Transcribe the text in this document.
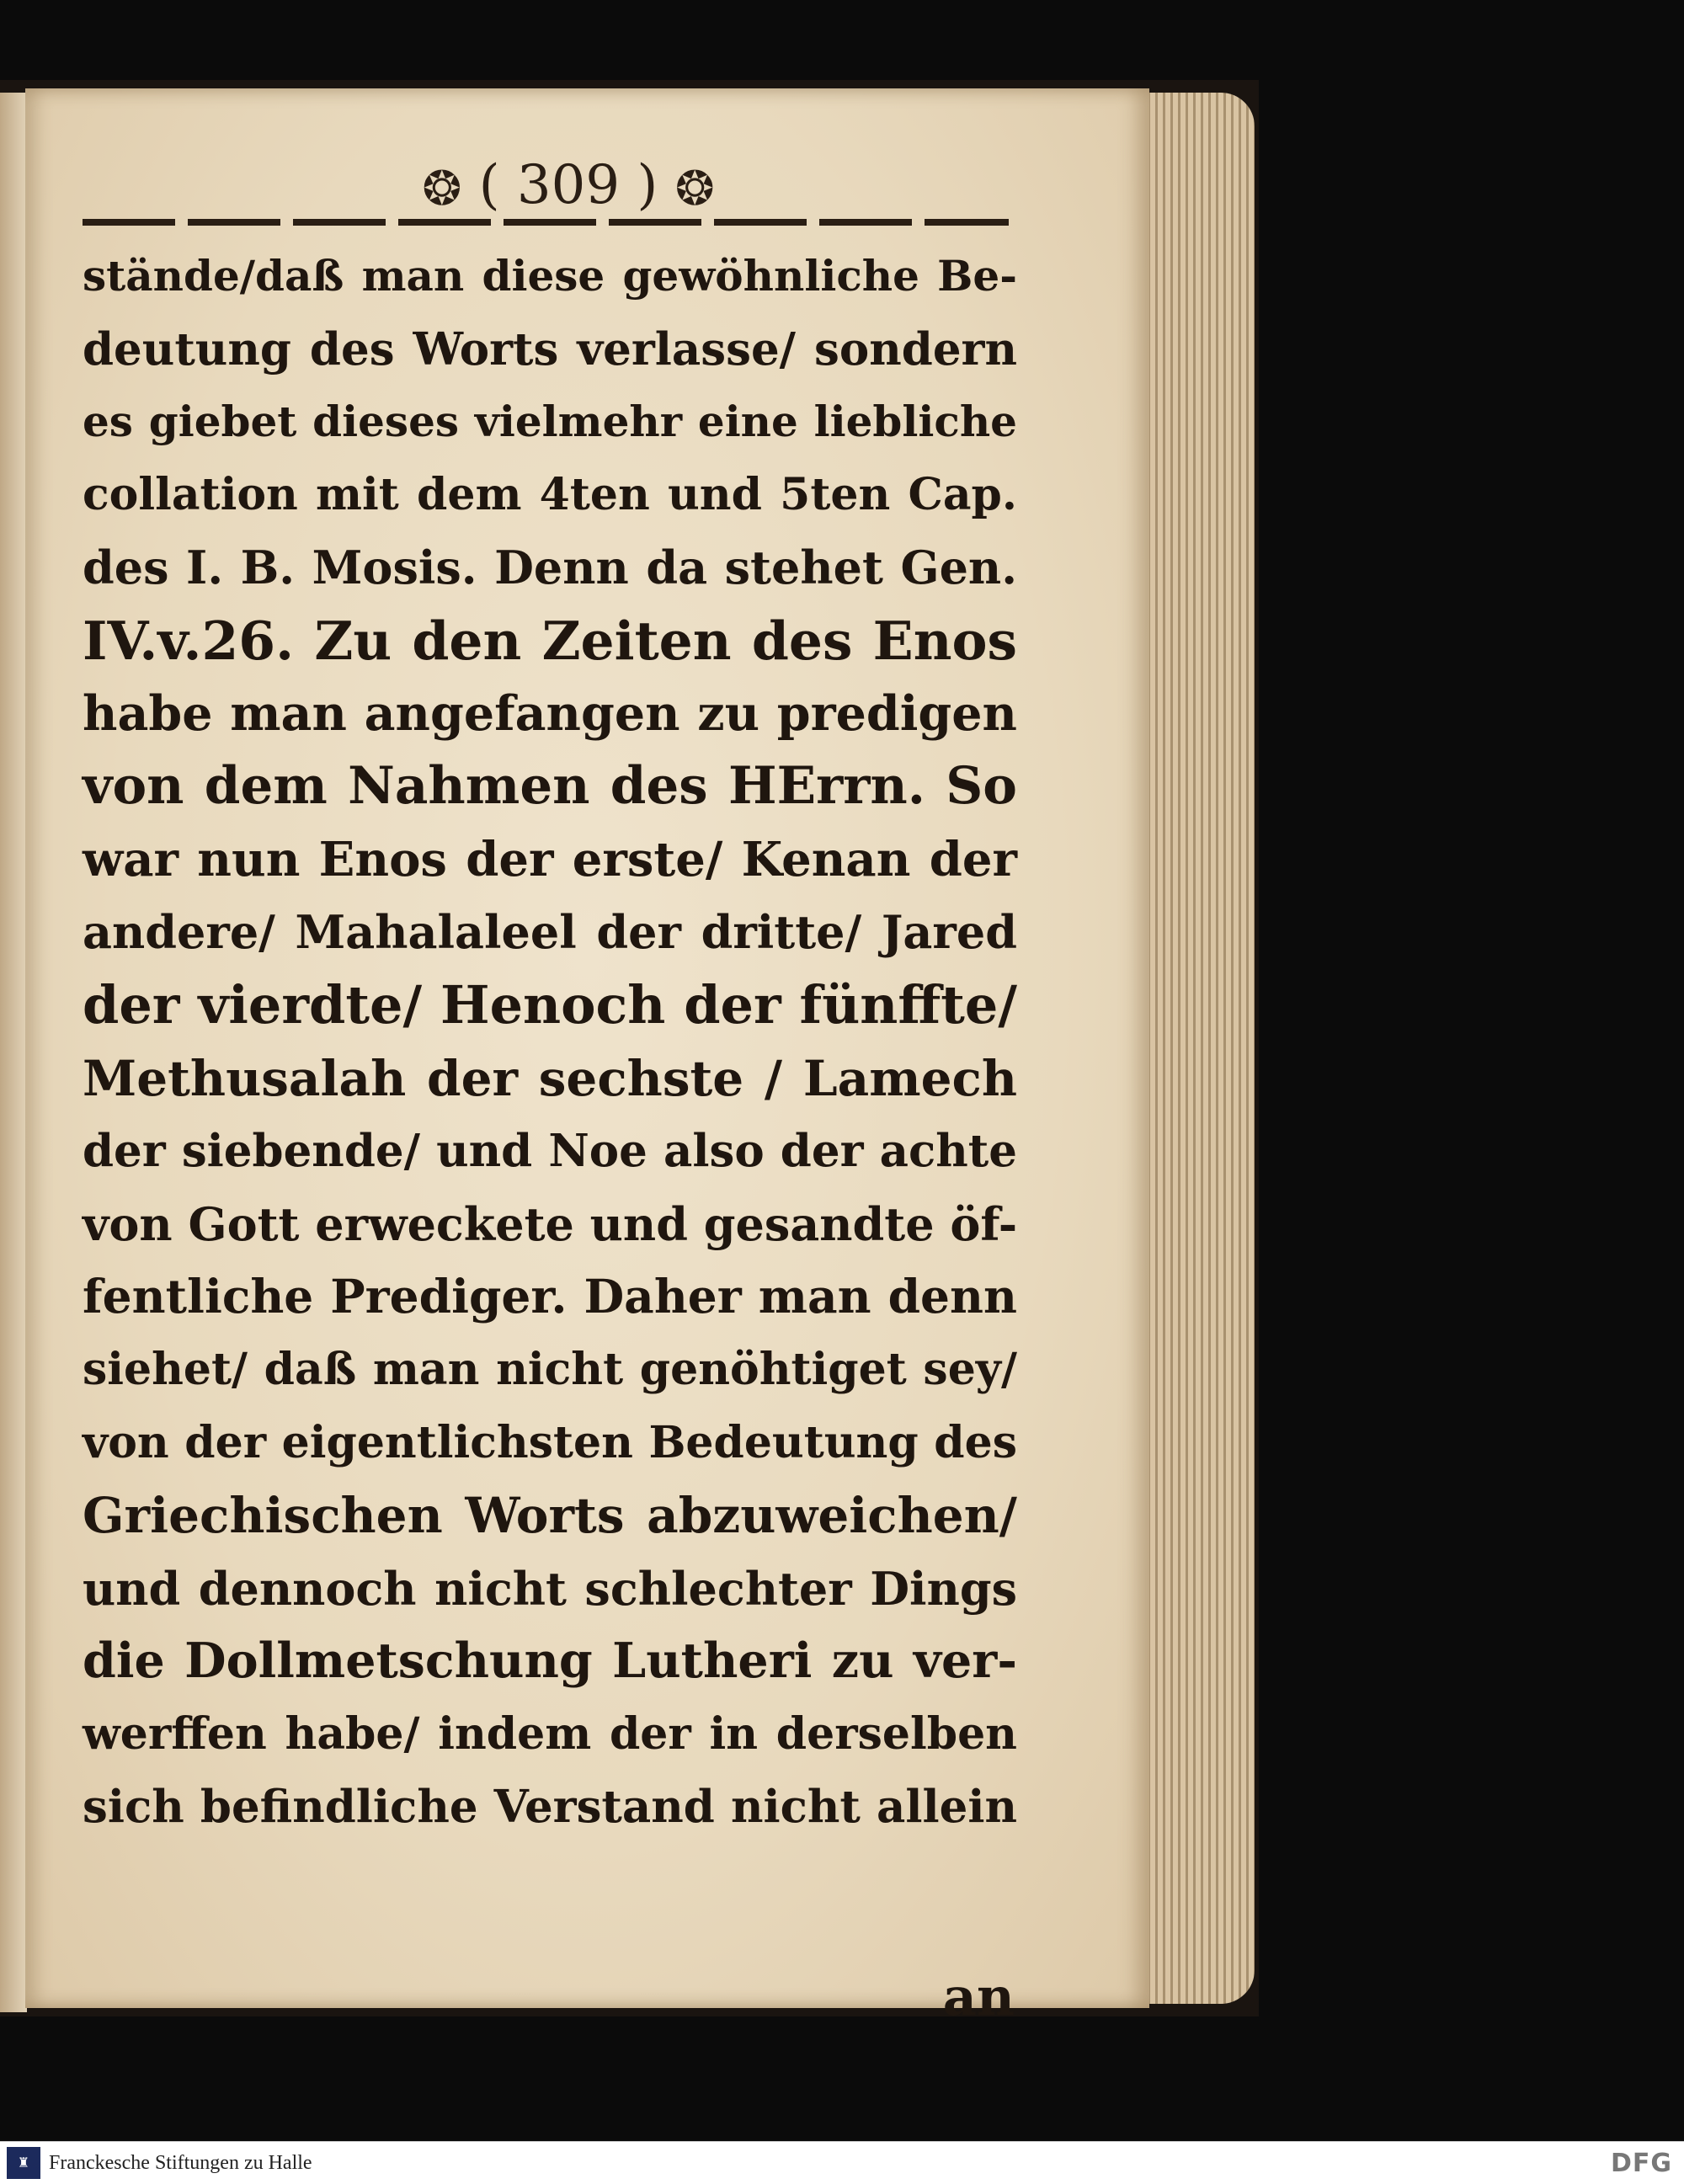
❂ ( 309 ) ❂
stände/daß man diese gewöhnliche Be-
deutung des Worts verlasse/ sondern
es giebet dieses vielmehr eine liebliche
collation mit dem 4ten und 5ten Cap.
des I. B. Mosis. Denn da stehet Gen.
IV.v.26. Zu den Zeiten des Enos
habe man angefangen zu predigen
von dem Nahmen des HErrn. So
war nun Enos der erste/ Kenan der
andere/ Mahalaleel der dritte/ Jared
der vierdte/ Henoch der fünffte/
Methusalah der sechste / Lamech
der siebende/ und Noe also der achte
von Gott erweckete und gesandte öf-
fentliche Prediger. Daher man denn
siehet/ daß man nicht genöhtiget sey/
von der eigentlichsten Bedeutung des
Griechischen Worts abzuweichen/
und dennoch nicht schlechter Dings
die Dollmetschung Lutheri zu ver-
werffen habe/ indem der in derselben
sich befindliche Verstand nicht allein
an
♜ Franckesche Stiftungen zu Halle	DFG
